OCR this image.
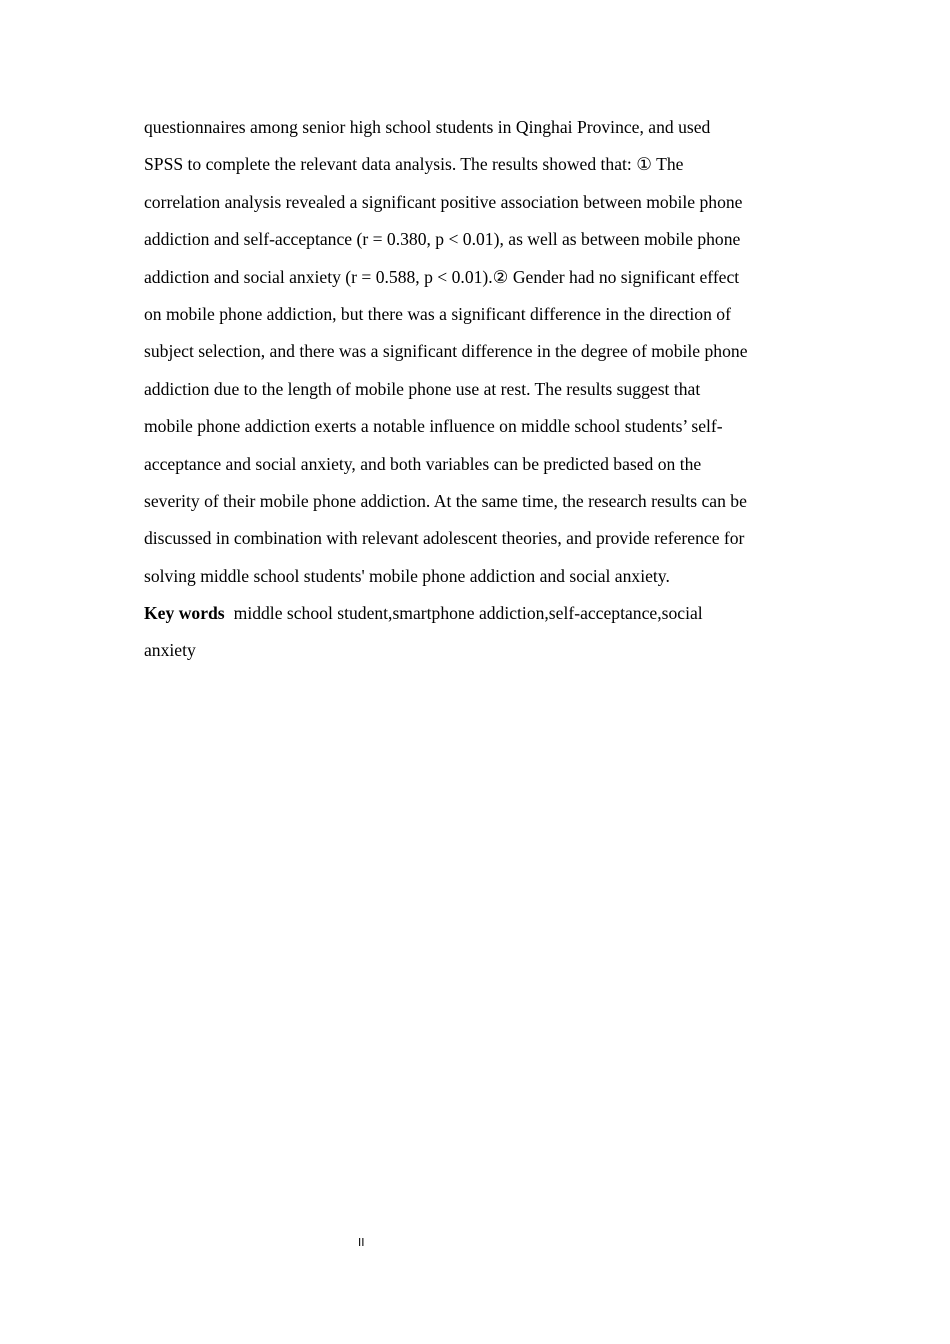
questionnaires among senior high school students in Qinghai Province, and used
SPSS to complete the relevant data analysis. The results showed that: ① The
correlation analysis revealed a significant positive association between mobile phone
addiction and self-acceptance (r = 0.380, p < 0.01), as well as between mobile phone
addiction and social anxiety (r = 0.588, p < 0.01).② Gender had no significant effect
on mobile phone addiction, but there was a significant difference in the direction of
subject selection, and there was a significant difference in the degree of mobile phone
addiction due to the length of mobile phone use at rest. The results suggest that
mobile phone addiction exerts a notable influence on middle school students’ self-
acceptance and social anxiety, and both variables can be predicted based on the
severity of their mobile phone addiction. At the same time, the research results can be
discussed in combination with relevant adolescent theories, and provide reference for
solving middle school students' mobile phone addiction and social anxiety.
Key words middle school student,smartphone addiction,self-acceptance,social
anxiety
II
